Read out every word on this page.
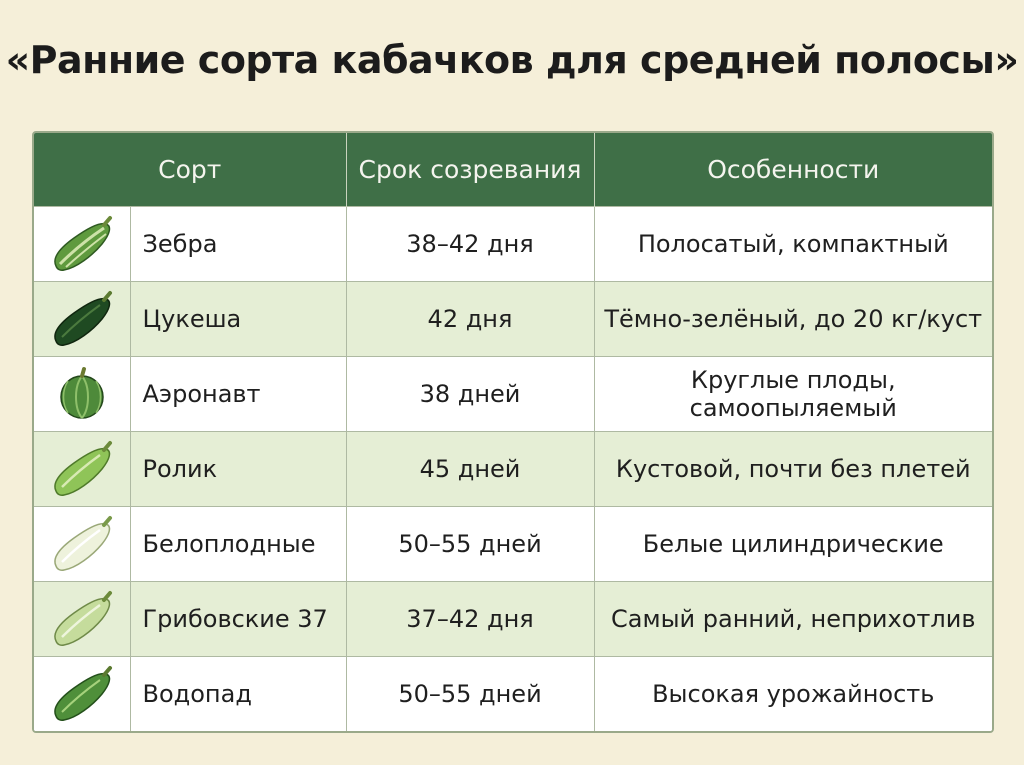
«Ранние сорта кабачков для средней полосы»
Сорт		Срок созревания	Особенности

	Зебра	38–42 дня	Полосатый, компактный

	Цукеша	42 дня	Тёмно-зелёный, до 20 кг/куст

	Аэронавт	38 дней	Круглые плоды, самоопыляемый

	Ролик	45 дней	Кустовой, почти без плетей

	Белоплодные	50–55 дней	Белые цилиндрические

	Грибовские 37	37–42 дня	Самый ранний, неприхотлив

	Водопад	50–55 дней	Высокая урожайность
